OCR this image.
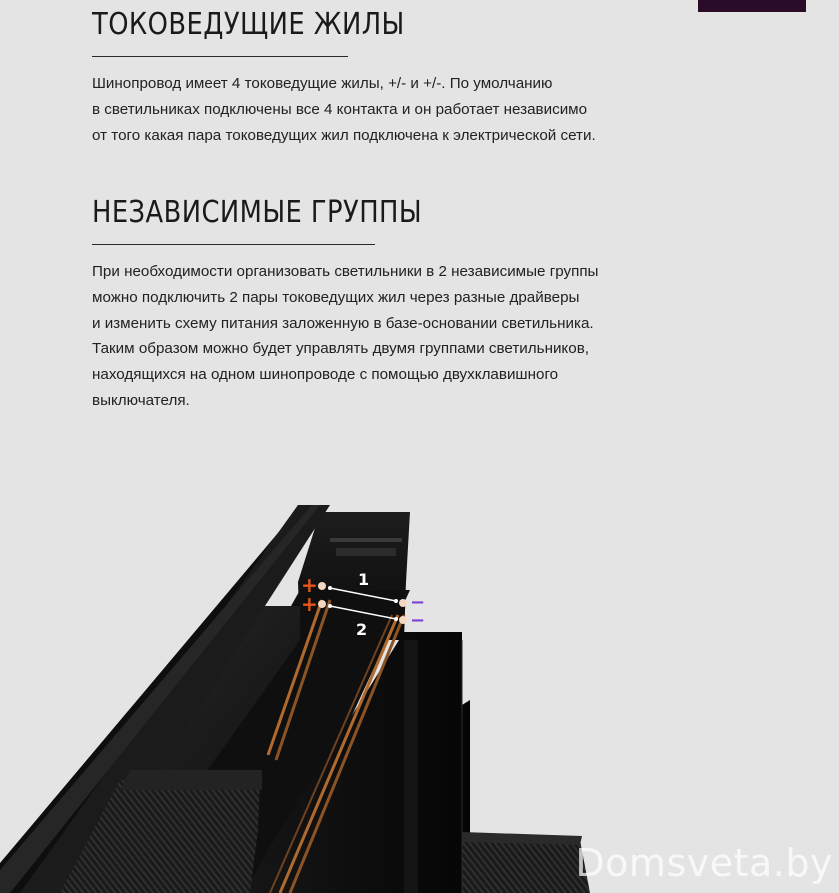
ТОКОВЕДУЩИЕ ЖИЛЫ

Шинопровод имеет 4 токоведущие жилы, +/- и +/-. По умолчанию
в светильниках подключены все 4 контакта и он работает независимо
от того какая пара токоведущих жил подключена к электрической сети.

НЕЗАВИСИМЫЕ ГРУППЫ

При необходимости организовать светильники в 2 независимые группы
можно подключить 2 пары токоведущих жил через разные драйверы
и изменить схему питания заложенную в базе-основании светильника.
Таким образом можно будет управлять двумя группами светильников,
находящихся на одном шинопроводе с помощью двухклавишного
выключателя.

+
+	−
−
1
2
Domsveta.by
